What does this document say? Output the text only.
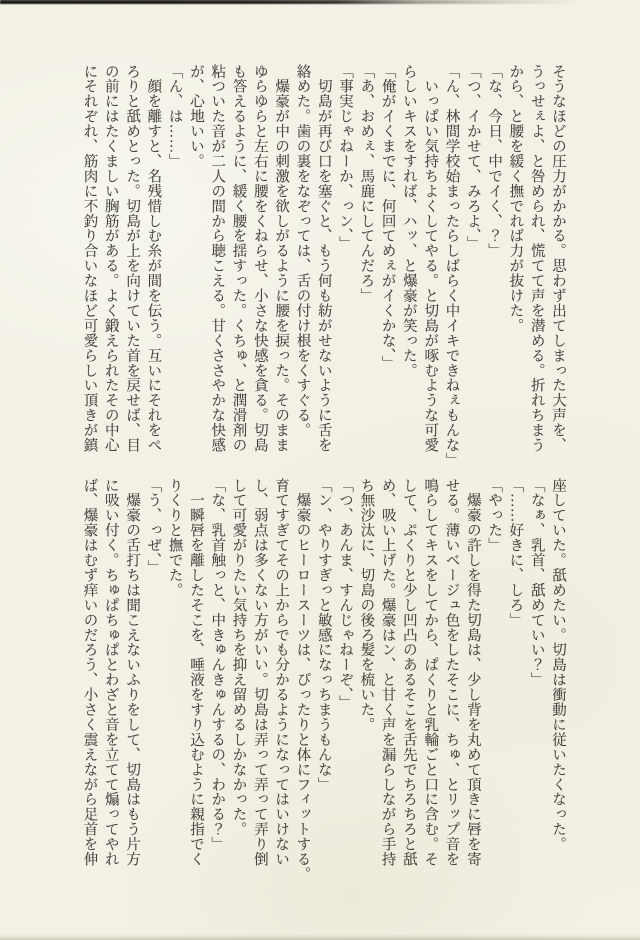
そうなほどの圧力がかかる。思わず出てしまった大声を、
うっせぇよ、と咎められ、慌てて声を潜める。折れちまう
から、と腰を緩く撫でれば力が抜けた。
「な、今日、中でイく、？」
「つ、イかせて、みろよ、」
「ん、林間学校始まったらしばらく中イキできねぇもんな」
　いっぱい気持ちよくしてやる。と切島が啄むような可愛
らしいキスをすれば、ハッ、と爆豪が笑った。
「俺がイくまでに、何回てめぇがイくかな、」
「あ、おめぇ、馬鹿にしてんだろ」
「事実じゃねーか、っン、」
　切島が再び口を塞ぐと、もう何も紡がせないように舌を
絡めた。歯の裏をなぞっては、舌の付け根をくすぐる。
　爆豪が中の刺激を欲しがるように腰を捩った。そのまま
ゆらゆらと左右に腰をくねらせ、小さな快感を貪る。切島
も答えるように、緩く腰を揺すった。くちゅ、と潤滑剤の
粘ついた音が二人の間から聴こえる。甘くささやかな快感
が、心地いい。
「ん、は……」
　顔を離すと、名残惜しむ糸が間を伝う。互いにそれをぺ
ろりと舐めとった。切島が上を向けていた首を戻せば、目
の前にはたくましい胸筋がある。よく鍛えられたその中心
にそれぞれ、筋肉に不釣り合いなほど可愛らしい頂きが鎮
座していた。舐めたい。切島は衝動に従いたくなった。
「なぁ、乳首、舐めていい？」
「……好きに、しろ」
「やった」
　爆豪の許しを得た切島は、少し背を丸めて頂きに唇を寄
せる。薄いベージュ色をしたそこに、ちゅ、とリップ音を
鳴らしてキスをしてから、ぱくりと乳輪ごと口に含む。そ
して、ぷくりと少し凹凸のあるそこを舌先でちろちろと舐
め、吸い上げた。爆豪はン、と甘く声を漏らしながら手持
ち無沙汰に、切島の後ろ髪を梳いた。
「つ、あんま、すんじゃねーぞ、」
「ン、やりすぎっと敏感になっちまうもんな」
　爆豪のヒーロースーツは、ぴったりと体にフィットする。
育てすぎてその上からでも分かるようになってはいけない
し、弱点は多くない方がいい。切島は弄って弄って弄り倒
して可愛がりたい気持ちを抑え留めるしかなかった。
「な、乳首触っと、中きゅんきゅんするの、わかる？」
　一瞬唇を離したそこを、唾液をすり込むように親指でく
りくりと撫でた。
「う、っぜ、」
　爆豪の舌打ちは聞こえないふりをして、切島はもう片方
に吸い付く。ちゅぱちゅぱとわざと音を立てて煽ってやれ
ば、爆豪はむず痒いのだろう、小さく震えながら足首を伸
